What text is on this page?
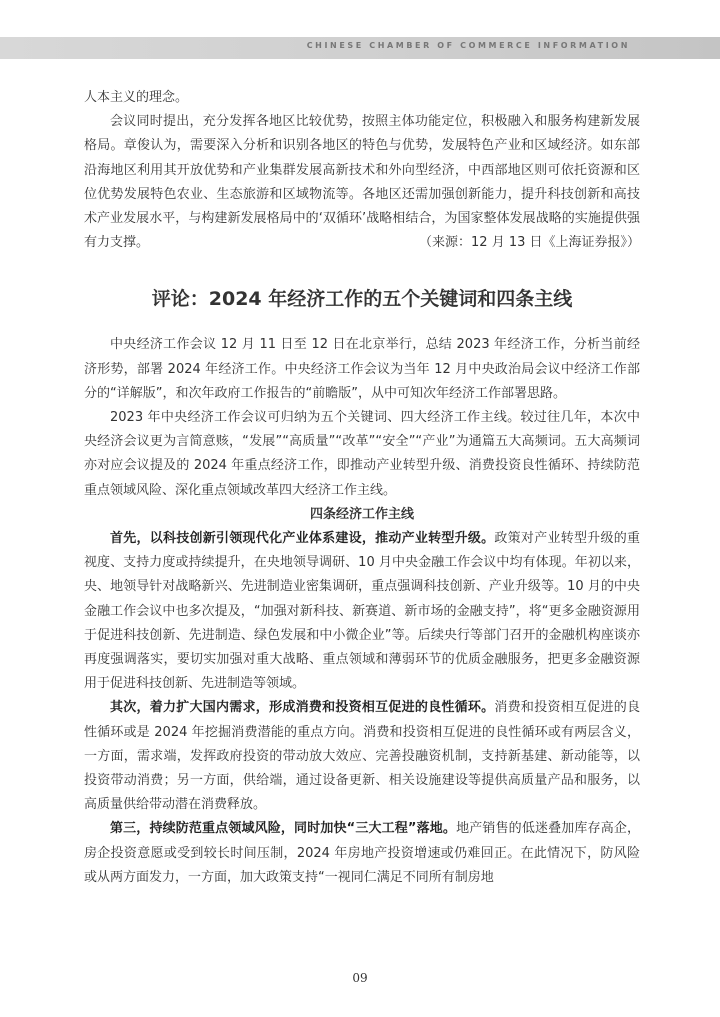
CHINESE CHAMBER OF COMMERCE INFORMATION

人本主义的理念。

会议同时提出，充分发挥各地区比较优势，按照主体功能定位，积极融入和服务构建新发展格局。章俊认为，需要深入分析和识别各地区的特色与优势，发展特色产业和区域经济。如东部沿海地区利用其开放优势和产业集群发展高新技术和外向型经济，中西部地区则可依托资源和区位优势发展特色农业、生态旅游和区域物流等。各地区还需加强创新能力，提升科技创新和高技术产业发展水平，与构建新发展格局中的‘双循环’战略相结合，为国家整体发展战略的实施提供强有力支撑。	（来源：12 月 13 日《上海证券报》）

评论：2024 年经济工作的五个关键词和四条主线

中央经济工作会议 12 月 11 日至 12 日在北京举行，总结 2023 年经济工作，分析当前经济形势，部署 2024 年经济工作。中央经济工作会议为当年 12 月中央政治局会议中经济工作部分的“详解版”，和次年政府工作报告的“前瞻版”，从中可知次年经济工作部署思路。

2023 年中央经济工作会议可归纳为五个关键词、四大经济工作主线。较过往几年，本次中央经济会议更为言简意赅，“发展”“高质量”“改革”“安全”“产业”为通篇五大高频词。五大高频词亦对应会议提及的 2024 年重点经济工作，即推动产业转型升级、消费投资良性循环、持续防范重点领域风险、深化重点领域改革四大经济工作主线。

四条经济工作主线

首先，以科技创新引领现代化产业体系建设，推动产业转型升级。政策对产业转型升级的重视度、支持力度或持续提升，在央地领导调研、10 月中央金融工作会议中均有体现。年初以来，央、地领导针对战略新兴、先进制造业密集调研，重点强调科技创新、产业升级等。10 月的中央金融工作会议中也多次提及，“加强对新科技、新赛道、新市场的金融支持”，将“更多金融资源用于促进科技创新、先进制造、绿色发展和中小微企业”等。后续央行等部门召开的金融机构座谈亦再度强调落实，要切实加强对重大战略、重点领域和薄弱环节的优质金融服务，把更多金融资源用于促进科技创新、先进制造等领域。

其次，着力扩大国内需求，形成消费和投资相互促进的良性循环。消费和投资相互促进的良性循环或是 2024 年挖掘消费潜能的重点方向。消费和投资相互促进的良性循环或有两层含义，一方面，需求端，发挥政府投资的带动放大效应、完善投融资机制，支持新基建、新动能等，以投资带动消费；另一方面，供给端，通过设备更新、相关设施建设等提供高质量产品和服务，以高质量供给带动潜在消费释放。

第三，持续防范重点领域风险，同时加快“三大工程”落地。地产销售的低迷叠加库存高企，房企投资意愿或受到较长时间压制，2024 年房地产投资增速或仍难回正。在此情况下，防风险或从两方面发力，一方面，加大政策支持“一视同仁满足不同所有制房地

09
